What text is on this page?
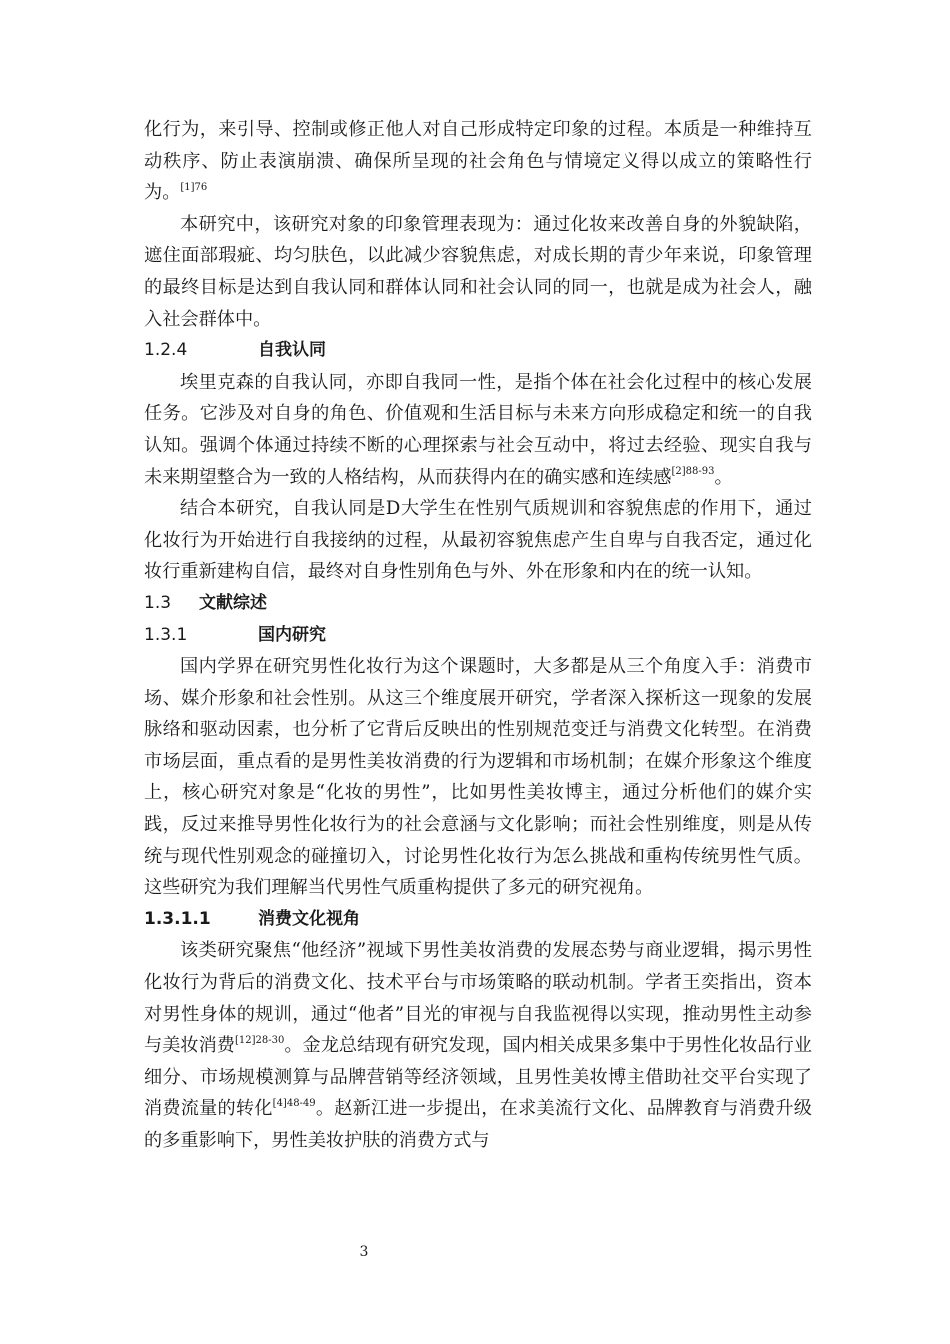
化行为，来引导、控制或修正他人对自己形成特定印象的过程。本质是一种维持互动秩序、防止表演崩溃、确保所呈现的社会角色与情境定义得以成立的策略性行为。$^{[1]76}$

本研究中，该研究对象的印象管理表现为：通过化妆来改善自身的外貌缺陷，遮住面部瑕疵、均匀肤色，以此减少容貌焦虑，对成长期的青少年来说，印象管理的最终目标是达到自我认同和群体认同和社会认同的同一，也就是成为社会人，融入社会群体中。

1.2.4	自我认同

埃里克森的自我认同，亦即自我同一性，是指个体在社会化过程中的核心发展任务。它涉及对自身的角色、价值观和生活目标与未来方向形成稳定和统一的自我认知。强调个体通过持续不断的心理探索与社会互动中，将过去经验、现实自我与未来期望整合为一致的人格结构，从而获得内在的确实感和连续感$^{[2]88-93}$。

结合本研究，自我认同是D大学生在性别气质规训和容貌焦虑的作用下，通过化妆行为开始进行自我接纳的过程，从最初容貌焦虑产生自卑与自我否定，通过化妆行重新建构自信，最终对自身性别角色与外、外在形象和内在的统一认知。

1.3	文献综述
1.3.1	国内研究

国内学界在研究男性化妆行为这个课题时，大多都是从三个角度入手：消费市场、媒介形象和社会性别。从这三个维度展开研究，学者深入探析这一现象的发展脉络和驱动因素，也分析了它背后反映出的性别规范变迁与消费文化转型。在消费市场层面，重点看的是男性美妆消费的行为逻辑和市场机制；在媒介形象这个维度上，核心研究对象是“化妆的男性”，比如男性美妆博主，通过分析他们的媒介实践，反过来推导男性化妆行为的社会意涵与文化影响；而社会性别维度，则是从传统与现代性别观念的碰撞切入，讨论男性化妆行为怎么挑战和重构传统男性气质。这些研究为我们理解当代男性气质重构提供了多元的研究视角。

1.3.1.1	消费文化视角

该类研究聚焦“他经济”视域下男性美妆消费的发展态势与商业逻辑，揭示男性化妆行为背后的消费文化、技术平台与市场策略的联动机制。学者王奕指出，资本对男性身体的规训，通过“他者”目光的审视与自我监视得以实现，推动男性主动参与美妆消费$^{[12]28-30}$。金龙总结现有研究发现，国内相关成果多集中于男性化妆品行业细分、市场规模测算与品牌营销等经济领域，且男性美妆博主借助社交平台实现了消费流量的转化$^{[4]48-49}$。赵新江进一步提出，在求美流行文化、品牌教育与消费升级的多重影响下，男性美妆护肤的消费方式与

3
